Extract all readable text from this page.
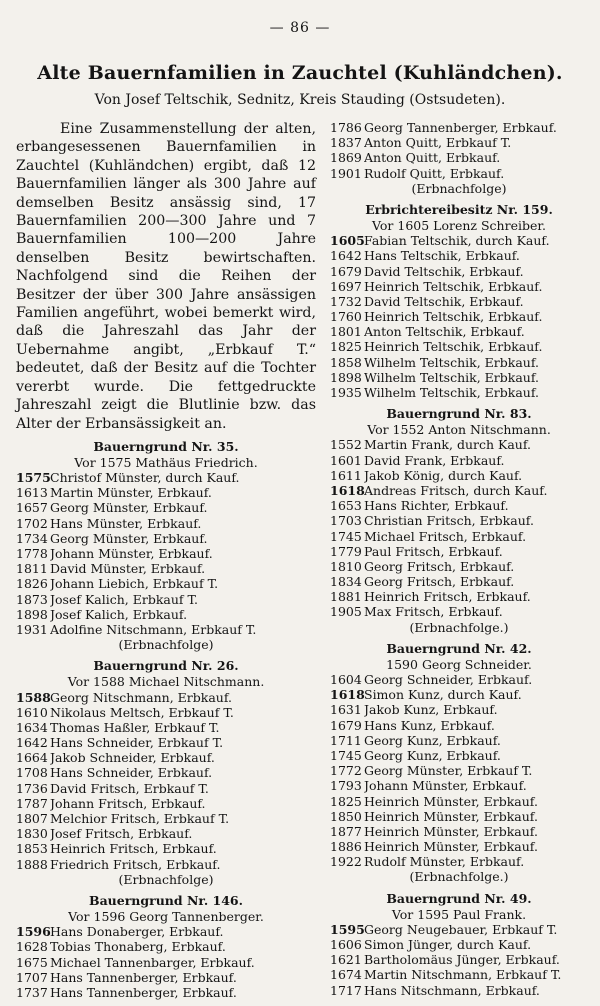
— 86 —
Alte Bauernfamilien in Zauchtel (Kuhländchen).
Von Josef Teltschik, Sednitz, Kreis Stauding (Ostsudeten).

Eine Zusammenstellung der alten, erbangesessenen Bauernfamilien in Zauchtel (Kuhländchen) ergibt, daß 12 Bauernfamilien länger als 300 Jahre auf demselben Besitz ansässig sind, 17 Bauernfamilien 200—300 Jahre und 7 Bauernfamilien 100—200 Jahre denselben Besitz bewirtschaften. Nachfolgend sind die Reihen der Besitzer der über 300 Jahre ansässigen Familien angeführt, wobei bemerkt wird, daß die Jahreszahl das Jahr der Uebernahme angibt, „Erbkauf T.“ bedeutet, daß der Besitz auf die Tochter vererbt wurde. Die fettgedruckte Jahreszahl zeigt die Blutlinie bzw. das Alter der Erbansässigkeit an.

Bauerngrund Nr. 35.
Vor 1575 Mathäus Friedrich.
1575 Christof Münster, durch Kauf.
1613 Martin Münster, Erbkauf.
1657 Georg Münster, Erbkauf.
1702 Hans Münster, Erbkauf.
1734 Georg Münster, Erbkauf.
1778 Johann Münster, Erbkauf.
1811 David Münster, Erbkauf.
1826 Johann Liebich, Erbkauf T.
1873 Josef Kalich, Erbkauf T.
1898 Josef Kalich, Erbkauf.
1931 Adolfine Nitschmann, Erbkauf T.
(Erbnachfolge)
Bauerngrund Nr. 26.
Vor 1588 Michael Nitschmann.
1588 Georg Nitschmann, Erbkauf.
1610 Nikolaus Meltsch, Erbkauf T.
1634 Thomas Haßler, Erbkauf T.
1642 Hans Schneider, Erbkauf T.
1664 Jakob Schneider, Erbkauf.
1708 Hans Schneider, Erbkauf.
1736 David Fritsch, Erbkauf T.
1787 Johann Fritsch, Erbkauf.
1807 Melchior Fritsch, Erbkauf T.
1830 Josef Fritsch, Erbkauf.
1853 Heinrich Fritsch, Erbkauf.
1888 Friedrich Fritsch, Erbkauf.
(Erbnachfolge)
Bauerngrund Nr. 146.
Vor 1596 Georg Tannenberger.
1596 Hans Donaberger, Erbkauf.
1628 Tobias Thonaberg, Erbkauf.
1675 Michael Tannenbarger, Erbkauf.
1707 Hans Tannenberger, Erbkauf.
1737 Hans Tannenberger, Erbkauf.
1786 Georg Tannenberger, Erbkauf.
1837 Anton Quitt, Erbkauf T.
1869 Anton Quitt, Erbkauf.
1901 Rudolf Quitt, Erbkauf.
(Erbnachfolge)
Erbrichtereibesitz Nr. 159.
Vor 1605 Lorenz Schreiber.
1605 Fabian Teltschik, durch Kauf.
1642 Hans Teltschik, Erbkauf.
1679 David Teltschik, Erbkauf.
1697 Heinrich Teltschik, Erbkauf.
1732 David Teltschik, Erbkauf.
1760 Heinrich Teltschik, Erbkauf.
1801 Anton Teltschik, Erbkauf.
1825 Heinrich Teltschik, Erbkauf.
1858 Wilhelm Teltschik, Erbkauf.
1898 Wilhelm Teltschik, Erbkauf.
1935 Wilhelm Teltschik, Erbkauf.
Bauerngrund Nr. 83.
Vor 1552 Anton Nitschmann.
1552 Martin Frank, durch Kauf.
1601 David Frank, Erbkauf.
1611 Jakob König, durch Kauf.
1618 Andreas Fritsch, durch Kauf.
1653 Hans Richter, Erbkauf.
1703 Christian Fritsch, Erbkauf.
1745 Michael Fritsch, Erbkauf.
1779 Paul Fritsch, Erbkauf.
1810 Georg Fritsch, Erbkauf.
1834 Georg Fritsch, Erbkauf.
1881 Heinrich Fritsch, Erbkauf.
1905 Max Fritsch, Erbkauf.
(Erbnachfolge.)
Bauerngrund Nr. 42.
1590 Georg Schneider.
1604 Georg Schneider, Erbkauf.
1618 Simon Kunz, durch Kauf.
1631 Jakob Kunz, Erbkauf.
1679 Hans Kunz, Erbkauf.
1711 Georg Kunz, Erbkauf.
1745 Georg Kunz, Erbkauf.
1772 Georg Münster, Erbkauf T.
1793 Johann Münster, Erbkauf.
1825 Heinrich Münster, Erbkauf.
1850 Heinrich Münster, Erbkauf.
1877 Heinrich Münster, Erbkauf.
1886 Heinrich Münster, Erbkauf.
1922 Rudolf Münster, Erbkauf.
(Erbnachfolge.)
Bauerngrund Nr. 49.
Vor 1595 Paul Frank.
1595 Georg Neugebauer, Erbkauf T.
1606 Simon Jünger, durch Kauf.
1621 Bartholomäus Jünger, Erbkauf.
1674 Martin Nitschmann, Erbkauf T.
1717 Hans Nitschmann, Erbkauf.
